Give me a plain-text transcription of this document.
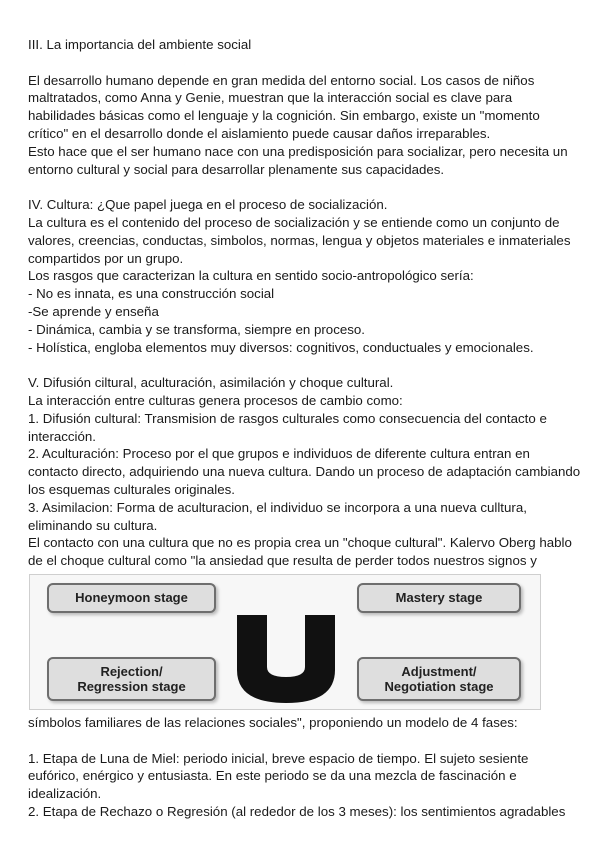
III. La importancia del ambiente social

El desarrollo humano depende en gran medida del entorno social. Los casos de niños maltratados, como Anna y Genie, muestran que la interacción social es clave para habilidades básicas como el lenguaje y la cognición. Sin embargo, existe un "momento crítico" en el desarrollo donde el aislamiento puede causar daños irreparables.

Esto hace que el ser humano nace con una predisposición para socializar, pero necesita un entorno cultural y social para desarrollar plenamente sus capacidades.

IV. Cultura: ¿Que papel juega en el proceso de socialización.

La cultura es el contenido del proceso de socialización y se entiende como un conjunto de valores, creencias, conductas, simbolos, normas, lengua y objetos materiales e inmateriales compartidos por un grupo.

Los rasgos que caracterizan la cultura en sentido socio-antropológico sería:

- No es innata, es una construcción social

-Se aprende y enseña

- Dinámica, cambia y se transforma, siempre en proceso.

- Holística, engloba elementos muy diversos: cognitivos, conductuales y emocionales.

V. Difusión ciltural, aculturación, asimilación y choque cultural.

La interacción entre culturas genera procesos de cambio como:

1. Difusión cultural: Transmision de rasgos culturales como consecuencia del contacto e interacción.

2. Aculturación: Proceso por el que grupos e individuos de diferente cultura entran en contacto directo, adquiriendo una nueva cultura. Dando un proceso de adaptación cambiando los esquemas culturales originales.

3. Asimilacion: Forma de aculturacion, el individuo se incorpora a una nueva culltura, eliminando su cultura.

El contacto con una cultura que no es propia crea un "choque cultural". Kalervo Oberg hablo de el choque cultural como "la ansiedad que resulta de perder todos nuestros signos y

Honeymoon stage	Mastery stage
Rejection/
Regression stage
Adjustment/
Negotiation stage

símbolos familiares de las relaciones sociales", proponiendo un modelo de 4 fases:

1. Etapa de Luna de Miel: periodo inicial, breve espacio de tiempo. El sujeto sesiente eufórico, enérgico y entusiasta. En este periodo se da una mezcla de fascinación e idealización.

2. Etapa de Rechazo o Regresión (al rededor de los 3 meses): los sentimientos agradables
